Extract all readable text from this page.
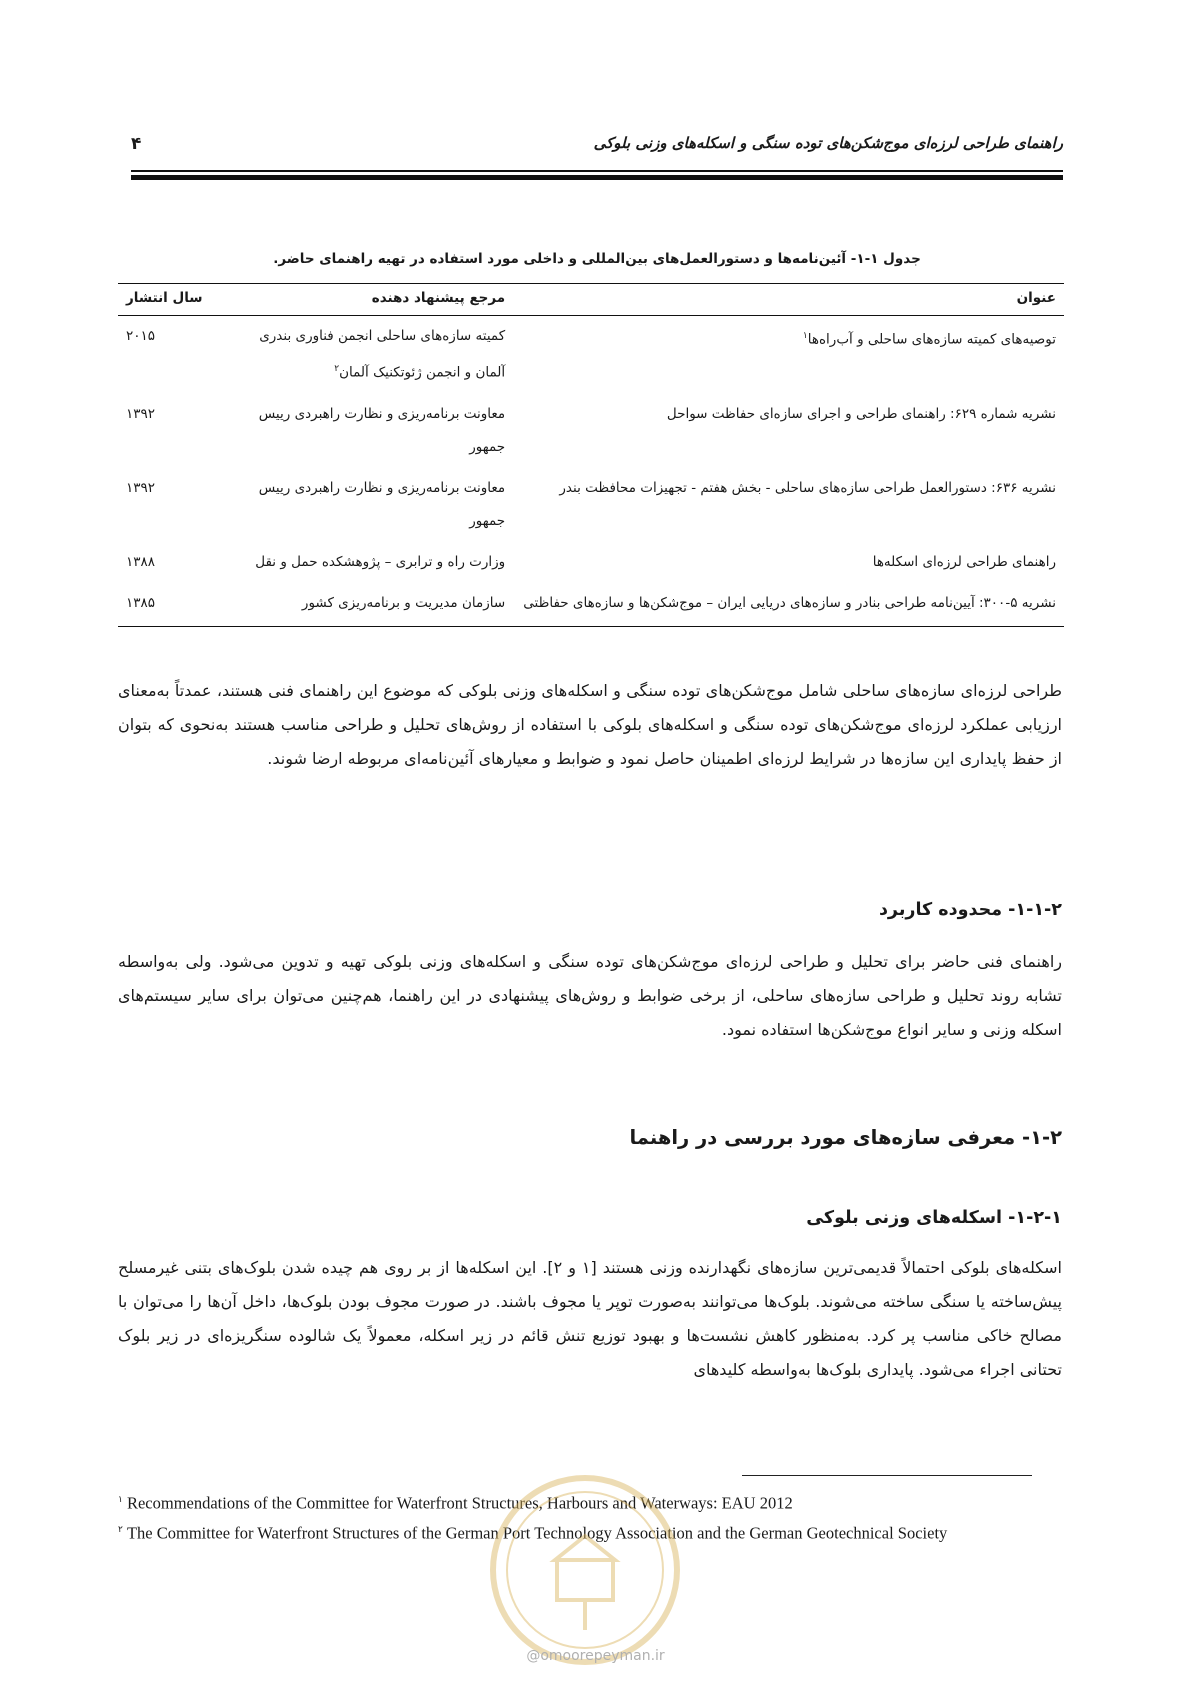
۴	راهنمای طراحی لرزه‌ای موج‌شکن‌های توده سنگی و اسکله‌های وزنی بلوکی
جدول ۱-۱- آئین‌نامه‌ها و دستورالعمل‌های بین‌المللی و داخلی مورد استفاده در تهیه راهنمای حاضر.
عنوان	مرجع پیشنهاد دهنده	سال انتشار
توصیه‌های کمیته سازه‌های ساحلی و آب‌راه‌ها$^۱$	کمیته سازه‌های ساحلی انجمن فناوری بندری آلمان و انجمن ژئوتکنیک آلمان$^۲$	۲۰۱۵
نشریه شماره ۶۲۹: راهنمای طراحی و اجرای سازه‌ای حفاظت سواحل	معاونت برنامه‌ریزی و نظارت راهبردی رییس جمهور	۱۳۹۲
نشریه ۶۳۶: دستورالعمل طراحی سازه‌های ساحلی - بخش هفتم - تجهیزات محافظت بندر	معاونت برنامه‌ریزی و نظارت راهبردی رییس جمهور	۱۳۹۲
راهنمای طراحی لرزه‌ای اسکله‌ها	وزارت راه و ترابری – پژوهشکده حمل و نقل	۱۳۸۸
نشریه ۵-۳۰۰: آیین‌نامه طراحی بنادر و سازه‌های دریایی ایران – موج‌شکن‌ها و سازه‌های حفاظتی	سازمان مدیریت و برنامه‌ریزی کشور	۱۳۸۵
طراحی لرزه‌ای سازه‌های ساحلی شامل موج‌شکن‌های توده سنگی و اسکله‌های وزنی بلوکی که موضوع این راهنمای فنی هستند، عمدتاً به‌معنای ارزیابی عملکرد لرزه‌ای موج‌شکن‌های توده سنگی و اسکله‌های بلوکی با استفاده از روش‌های تحلیل و طراحی مناسب هستند به‌نحوی که بتوان از حفظ پایداری این سازه‌ها در شرایط لرزه‌ای اطمینان حاصل نمود و ضوابط و معیارهای آئین‌نامه‌ای مربوطه ارضا شوند.
۱-۱-۲- محدوده کاربرد
راهنمای فنی حاضر برای تحلیل و طراحی لرزه‌ای موج‌شکن‌های توده سنگی و اسکله‌های وزنی بلوکی تهیه و تدوین می‌شود. ولی به‌واسطه تشابه روند تحلیل و طراحی سازه‌های ساحلی، از برخی ضوابط و روش‌های پیشنهادی در این راهنما، هم‌چنین می‌توان برای سایر سیستم‌های اسکله وزنی و سایر انواع موج‌شکن‌ها استفاده نمود.
۱-۲- معرفی سازه‌های مورد بررسی در راهنما
۱-۲-۱- اسکله‌های وزنی بلوکی
اسکله‌های بلوکی احتمالاً قدیمی‌ترین سازه‌های نگهدارنده وزنی هستند [۱ و ۲]. این اسکله‌ها از بر روی هم چیده شدن بلوک‌های بتنی غیرمسلح پیش‌ساخته یا سنگی ساخته می‌شوند. بلوک‌ها می‌توانند به‌صورت توپر یا مجوف باشند. در صورت مجوف بودن بلوک‌ها، داخل آن‌ها را می‌توان با مصالح خاکی مناسب پر کرد. به‌منظور کاهش نشست‌ها و بهبود توزیع تنش قائم در زیر اسکله، معمولاً یک شالوده سنگریزه‌ای در زیر بلوک تحتانی اجراء می‌شود. پایداری بلوک‌ها به‌واسطه کلیدهای
$^۱$ Recommendations of the Committee for Waterfront Structures, Harbours and Waterways: EAU 2012
$^۲$ The Committee for Waterfront Structures of the German Port Technology Association and the German Geotechnical Society
@omoorepeyman.ir
